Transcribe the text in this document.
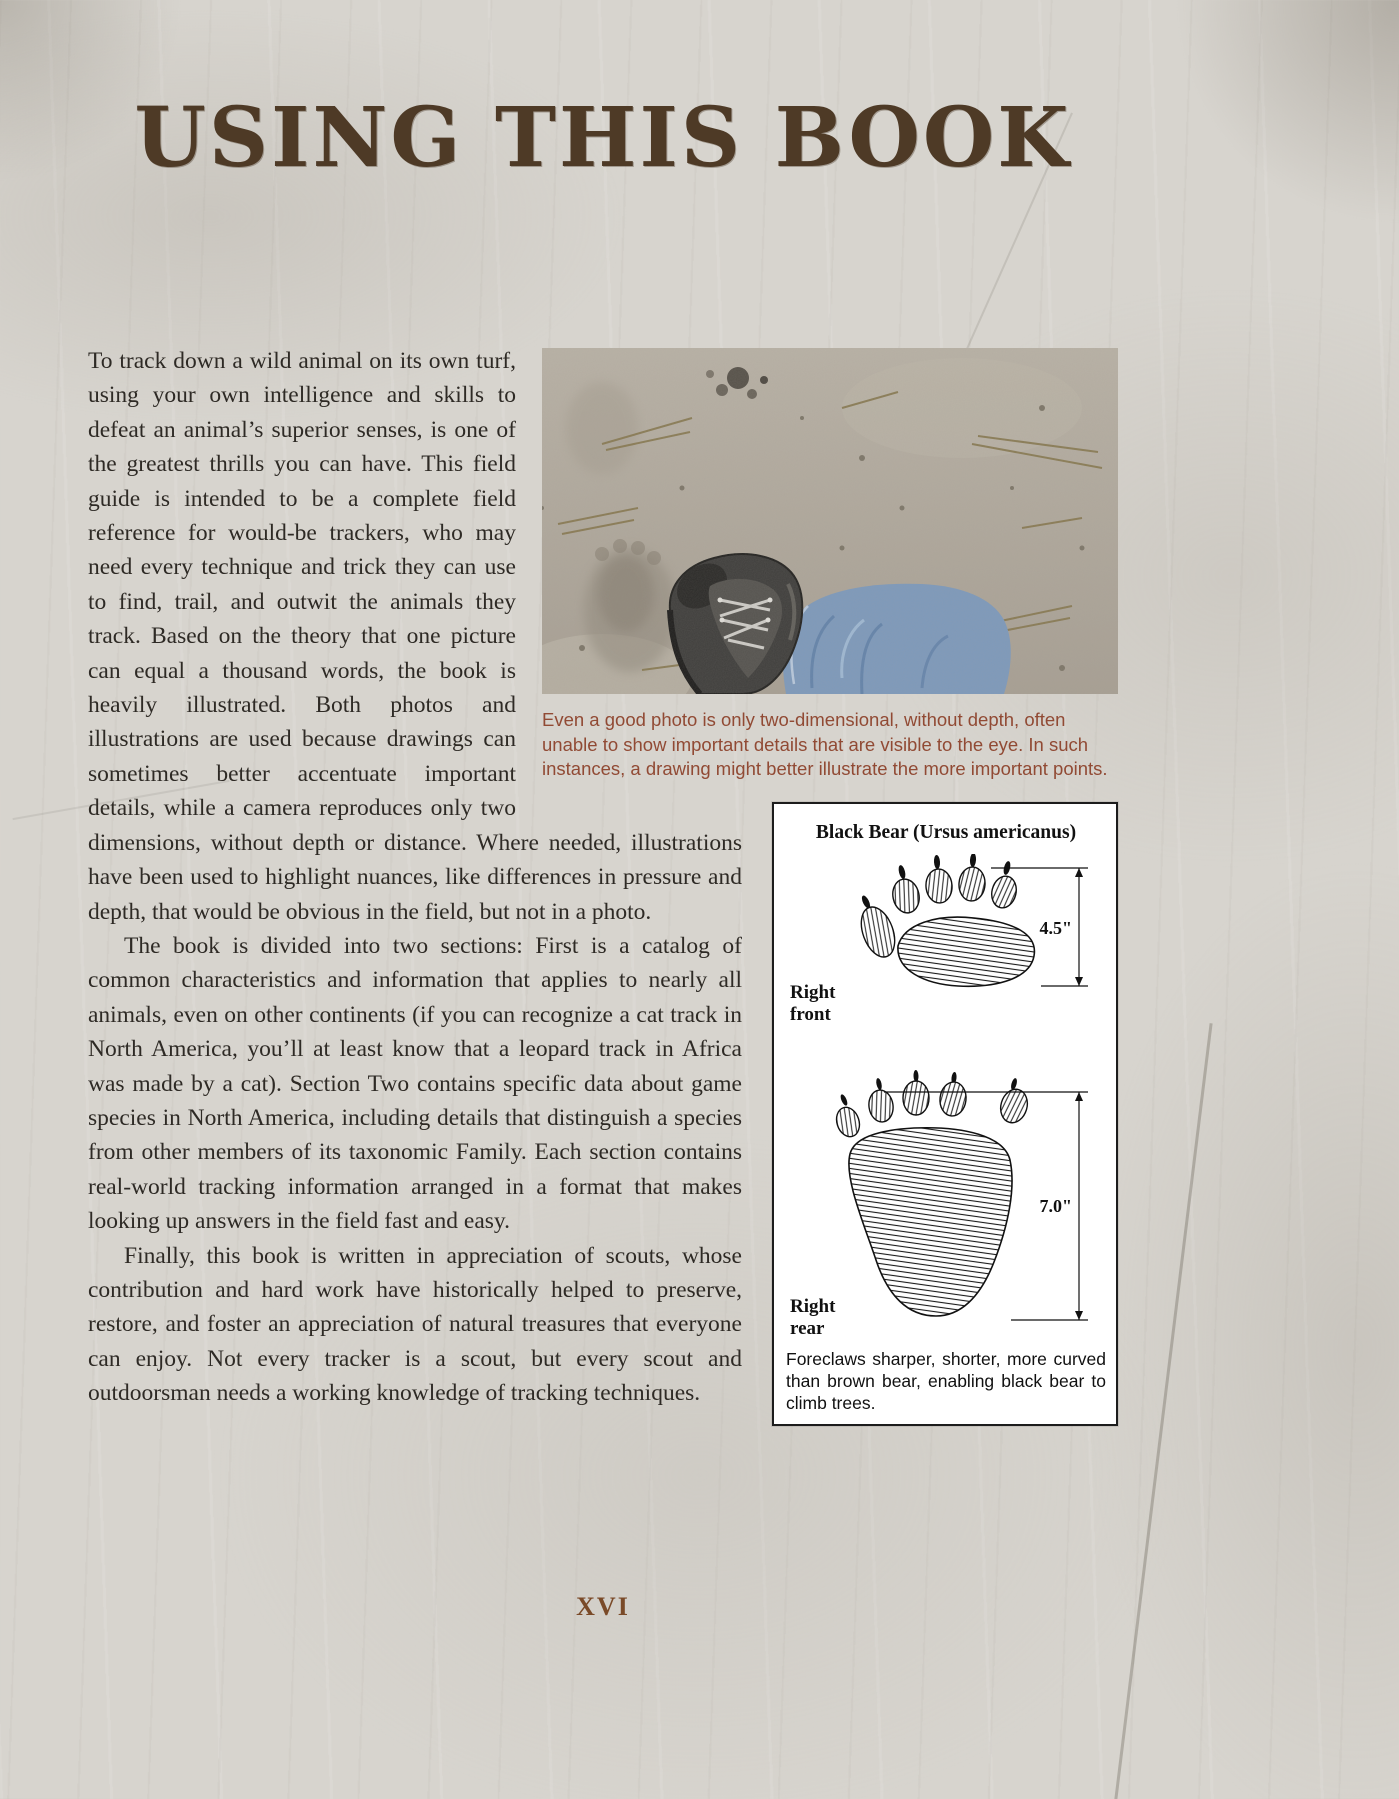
USING THIS BOOK
Even a good photo is only two-dimensional, without depth, often unable to show important details that are visible to the eye. In such instances, a drawing might better illustrate the more important points.
Black Bear (Ursus americanus)
4.5"
7.0"
Right front
Right rear
Foreclaws sharper, shorter, more curved than brown bear, enabling black bear to climb trees.

To track down a wild animal on its own turf, using your own intelligence and skills to defeat an animal’s superior senses, is one of the greatest thrills you can have. This field guide is intended to be a complete field reference for would-be trackers, who may need every technique and trick they can use to find, trail, and outwit the animals they track. Based on the theory that one picture can equal a thousand words, the book is heavily illustrated. Both photos and illustrations are used because drawings can sometimes better accentuate important details, while a camera reproduces only two dimensions, without depth or distance. Where needed, illustrations have been used to highlight nuances, like differences in pressure and depth, that would be obvious in the field, but not in a photo.

The book is divided into two sections: First is a catalog of common characteristics and information that applies to nearly all animals, even on other continents (if you can recognize a cat track in North America, you’ll at least know that a leopard track in Africa was made by a cat). Section Two contains specific data about game species in North America, including details that distinguish a species from other members of its taxonomic Family. Each section contains real-world tracking information arranged in a format that makes looking up answers in the field fast and easy.

Finally, this book is written in appreciation of scouts, whose contribution and hard work have historically helped to preserve, restore, and foster an appreciation of natural treasures that everyone can enjoy. Not every tracker is a scout, but every scout and outdoorsman needs a working knowledge of tracking techniques.

XVI
